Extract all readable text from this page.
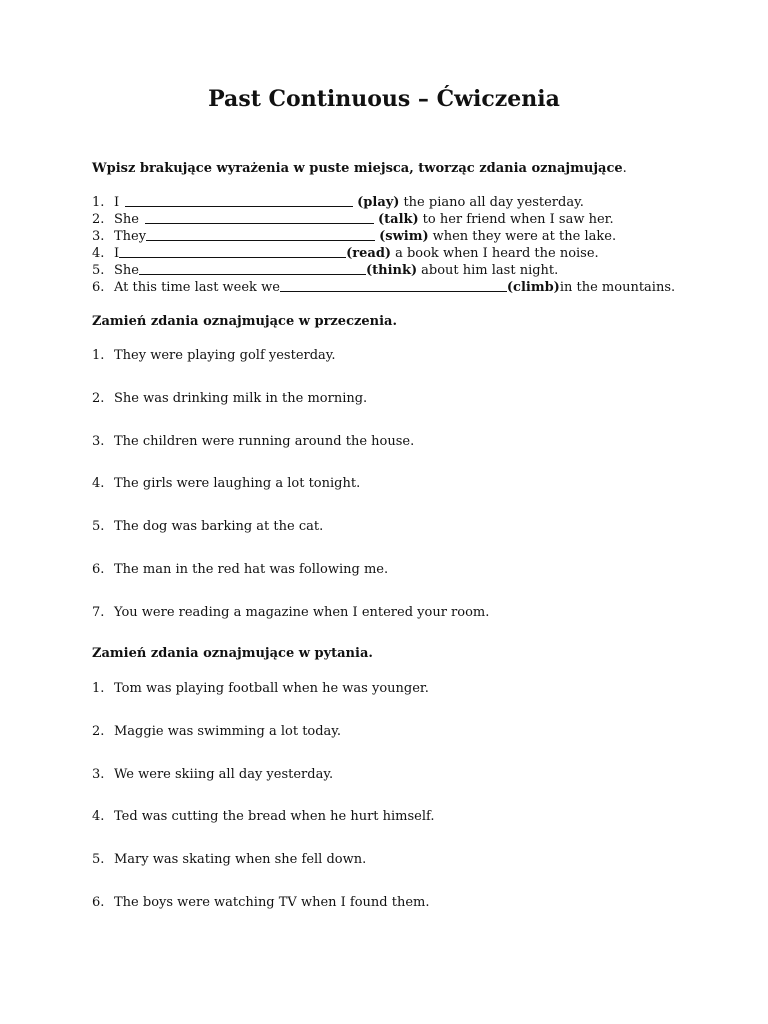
Past Continuous – Ćwiczenia

Wpisz brakujące wyrażenia w puste miejsca, tworząc zdania oznajmujące.

1. I	(play) the piano all day yesterday.
2. She	(talk) to her friend when I saw her.
3. They	(swim) when they were at the lake.
4. I	(read) a book when I heard the noise.
5. She	(think) about him last night.
6. At this time last week we	(climb) in the mountains.

Zamień zdania oznajmujące w przeczenia.

1. They were playing golf yesterday.
2. She was drinking milk in the morning.
3. The children were running around the house.
4. The girls were laughing a lot tonight.
5. The dog was barking at the cat.
6. The man in the red hat was following me.
7. You were reading a magazine when I entered your room.

Zamień zdania oznajmujące w pytania.

1. Tom was playing football when he was younger.
2. Maggie was swimming a lot today.
3. We were skiing all day yesterday.
4. Ted was cutting the bread when he hurt himself.
5. Mary was skating when she fell down.
6. The boys were watching TV when I found them.
